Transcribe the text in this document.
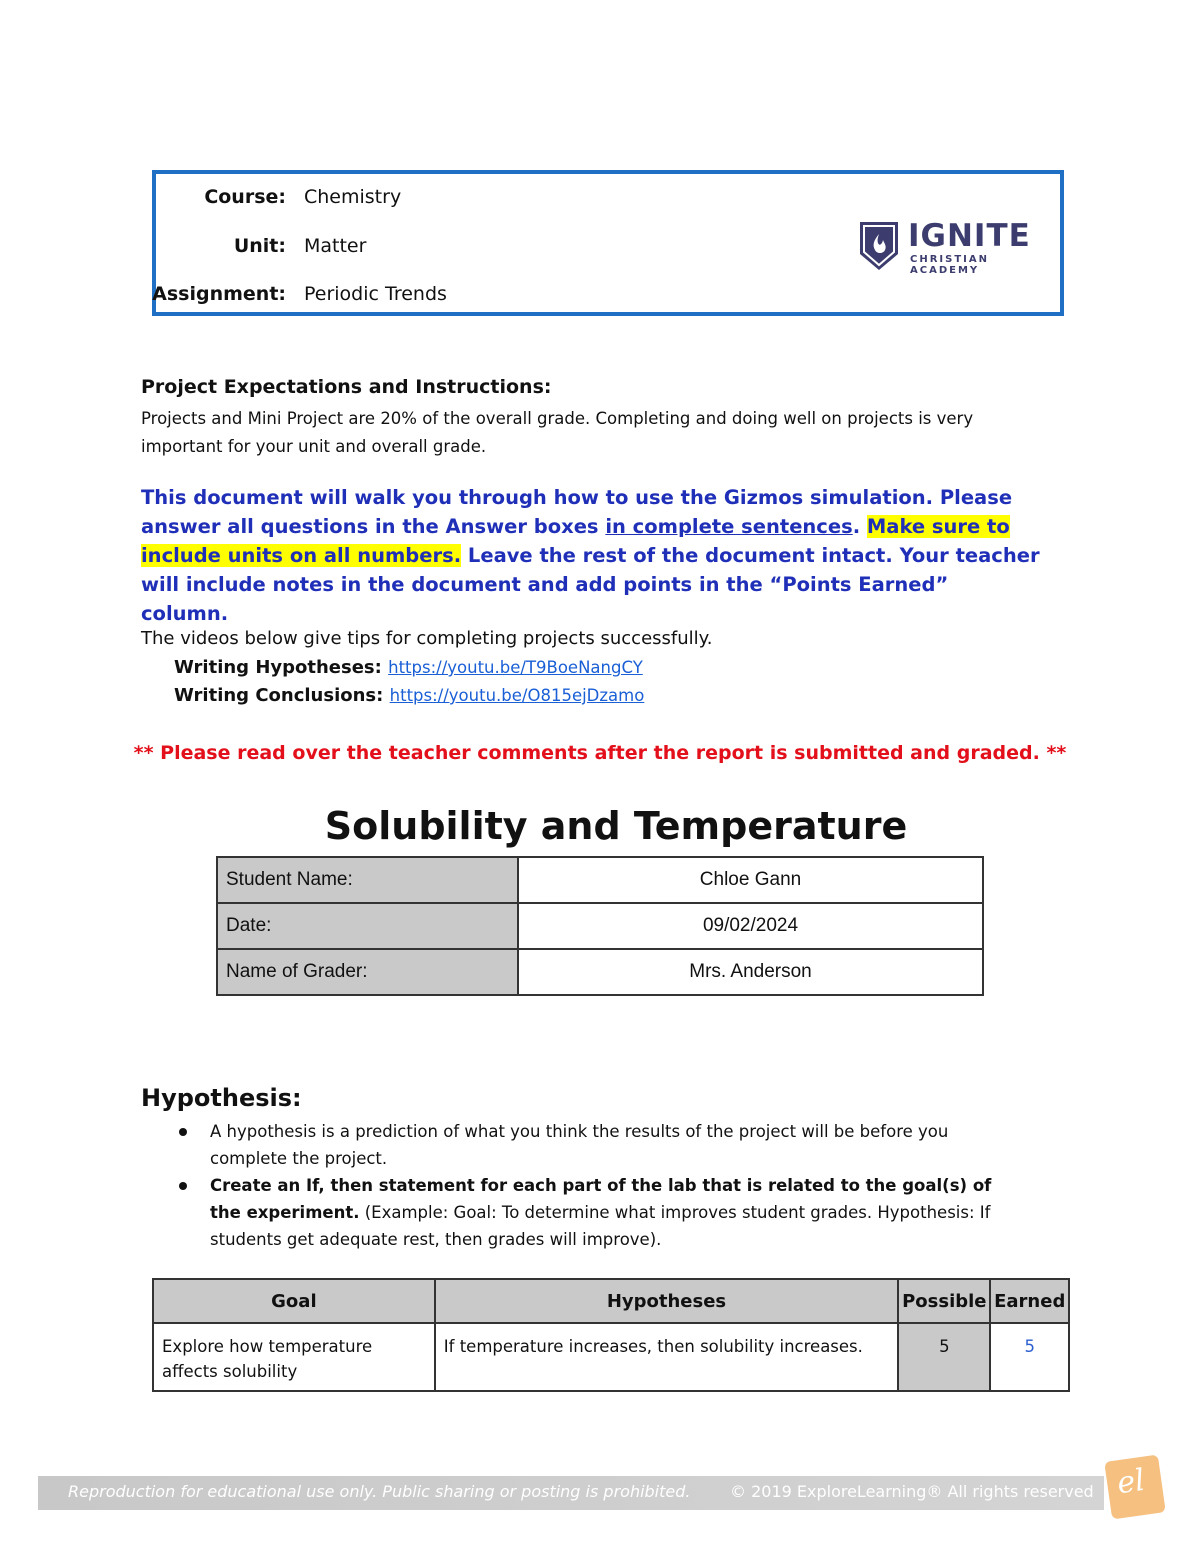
Course: Chemistry
Unit: Matter
Assignment: Periodic Trends
IGNITE
CHRISTIAN ACADEMY
Project Expectations and Instructions:
Projects and Mini Project are 20% of the overall grade. Completing and doing well on projects is very important for your unit and overall grade.
This document will walk you through how to use the Gizmos simulation. Please answer all questions in the Answer boxes in complete sentences. Make sure to include units on all numbers. Leave the rest of the document intact. Your teacher will include notes in the document and add points in the “Points Earned” column.
The videos below give tips for completing projects successfully.
Writing Hypotheses: https://youtu.be/T9BoeNangCY
Writing Conclusions: https://youtu.be/O815ejDzamo
** Please read over the teacher comments after the report is submitted and graded. **
Solubility and Temperature
Student Name:	Chloe Gann
Date:	09/02/2024
Name of Grader:	Mrs. Anderson
Hypothesis:
A hypothesis is a prediction of what you think the results of the project will be before you complete the project.
Create an If, then statement for each part of the lab that is related to the goal(s) of the experiment. (Example: Goal: To determine what improves student grades. Hypothesis: If students get adequate rest, then grades will improve).
Goal	Hypotheses	Possible	Earned
Explore how temperature affects solubility	If temperature increases, then solubility increases.	5	5
Reproduction for educational use only. Public sharing or posting is prohibited. © 2019 ExploreLearning® All rights reserved el
